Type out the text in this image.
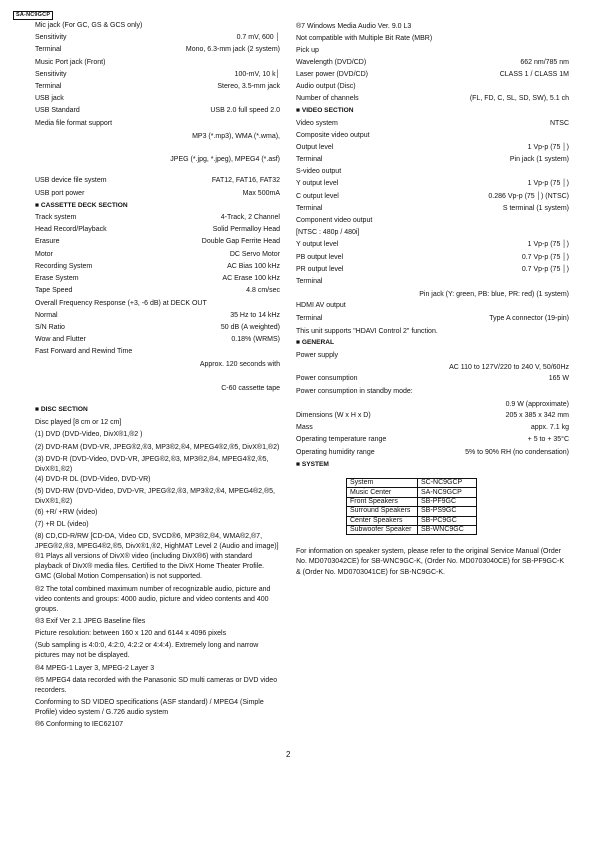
SA-NC9GCP
Mic jack (For GC, GS & GCS only)
Sensitivity	0.7 mV, 600 │
Terminal	Mono, 6.3-mm jack (2 system)
Music Port jack (Front)
Sensitivity	100-mV, 10 k│
Terminal	Stereo, 3.5-mm jack
USB jack
USB Standard	USB 2.0 full speed 2.0
Media file format support

MP3 (*.mp3), WMA (*.wma),

JPEG (*.jpg, *.jpeg), MPEG4 (*.asf)

USB device file system	FAT12, FAT16, FAT32
USB port power	Max 500mA
■ CASSETTE DECK SECTION
Track system	4-Track, 2 Channel
Head Record/Playback	Solid Permalloy Head
Erasure	Double Gap Ferrite Head
Motor	DC Servo Motor
Recording System	AC Bias 100 kHz
Erase System	AC Erase 100 kHz
Tape Speed	4.8 cm/sec
Overall Frequency Response (+3, -6 dB) at DECK OUT
Normal	35 Hz to 14 kHz
S/N Ratio	50 dB (A weighted)
Wow and Flutter	0.18% (WRMS)
Fast Forward and Rewind Time

Approx. 120 seconds with

C-60 cassette tape

■ DISC SECTION
Disc played [8 cm or 12 cm]
(1) DVD (DVD-Video, DivX®1,®2 )
(2) DVD-RAM (DVD-VR, JPEG®2,®3, MP3®2,®4, MPEG4®2,®5, DivX®1,®2)
(3) DVD-R (DVD-Video, DVD-VR, JPEG®2,®3, MP3®2,®4, MPEG4®2,®5, DivX®1,®2)
(4) DVD-R DL (DVD-Video, DVD-VR)
(5) DVD-RW (DVD-Video, DVD-VR, JPEG®2,®3, MP3®2,®4, MPEG4®2,®5, DivX®1,®2)
(6) +R/ +RW (video)
(7) +R DL (video)
(8) CD,CD-R/RW [CD-DA, Video CD, SVCD®6, MP3®2,®4, WMA®2,®7, JPEG®2,®3, MPEG4®2,®5, DivX®1,®2, HighMAT Level 2 (Audio and image)]
®1 Plays all versions of DivX® video (including DivX®6) with standard playback of DivX® media files. Certified to the DivX Home Theater Profile. GMC (Global Motion Compensation) is not supported.
®2 The total combined maximum number of recognizable audio, picture and video contents and groups: 4000 audio, picture and video contents and 400 groups.
®3 Exif Ver 2.1 JPEG Baseline files
Picture resolution: between 160 x 120 and 6144 x 4096 pixels
(Sub sampling is 4:0:0, 4:2:0, 4:2:2 or 4:4:4). Extremely long and narrow pictures may not be displayed.
®4 MPEG-1 Layer 3, MPEG-2 Layer 3
®5 MPEG4 data recorded with the Panasonic SD multi cameras or DVD video recorders.
Conforming to SD VIDEO specifications (ASF standard) / MPEG4 (Simple Profile) video system / G.726 audio system
®6 Conforming to IEC62107
®7 Windows Media Audio Ver. 9.0 L3
Not compatible with Multiple Bit Rate (MBR)
Pick up
Wavelength (DVD/CD)	662 nm/785 nm
Laser power (DVD/CD)	CLASS 1 / CLASS 1M
Audio output (Disc)
Number of channels	(FL, FD, C, SL, SD, SW), 5.1 ch
■ VIDEO SECTION
Video system	NTSC
Composite video output
Output level	1 Vp-p (75 │)
Terminal	Pin jack (1 system)
S-video output
Y output level	1 Vp-p (75 │)
C output level	0.286 Vp-p (75 │) (NTSC)
Terminal	S terminal (1 system)
Component video output
[NTSC : 480p / 480i]
Y output level	1 Vp-p (75 │)
PB output level	0.7 Vp-p (75 │)
PR output level	0.7 Vp-p (75 │)
Terminal
Pin jack (Y: green, PB: blue, PR: red) (1 system)
HDMI AV output
Terminal	Type A connector (19-pin)
This unit supports "HDAVI Control 2" function.
■ GENERAL
Power supply
AC 110 to 127V/220 to 240 V, 50/60Hz
Power consumption	165 W
Power consumption in standby mode:
0.9 W (approximate)
Dimensions (W x H x D)	205 x 385 x 342 mm
Mass	appx. 7.1 kg
Operating temperature range	+ 5 to + 35°C
Operating humidity range	5% to 90% RH (no condensation)
■ SYSTEM
System	SC-NC9GCP
Music Center	SA-NC9GCP
Front Speakers	SB-PF9GC
Surround Speakers	SB-PS9GC
Center Speakers	SB-PC9GC
Subwoofer Speaker	SB-WNC9GC
For information on speaker system, please refer to the original Service Manual (Order No. MD0703042CE) for SB-WNC9GC-K, (Order No. MD0703040CE) for SB-PF9GC-K & (Order No. MD0703041CE) for SB-NC9GC-K.
2
